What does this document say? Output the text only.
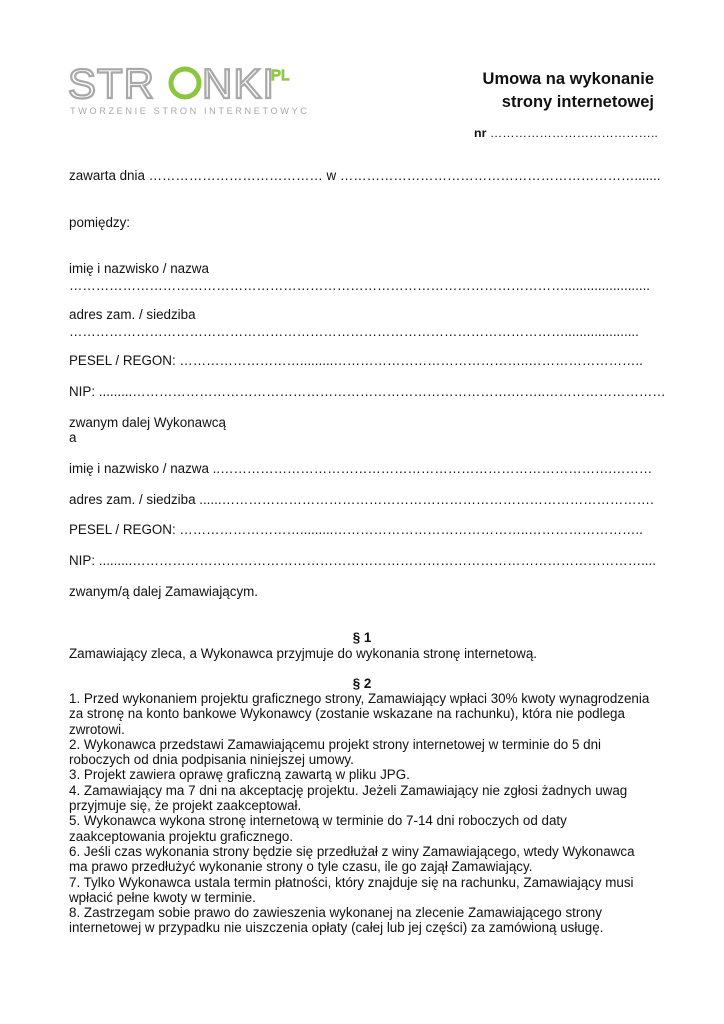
STR NKI
PL
TWORZENIE STRON INTERNETOWYCH
Umowa na wykonanie
strony internetowej
nr …………………………………..
zawarta dnia ………………………………… w ………………………………………………………….......
pomiędzy:
imię i nazwisko / nazwa
………………………………………………………………………………………………….......................
adres zam. / siedziba
…………………………………………………………………………………………………....................
PESEL / REGON: ……………………….........……………………………………..……………………..
NIP: .........………………………………………………………………………….……..………………………
zwanym dalej Wykonawcą
a
imię i nazwisko / nazwa ..…………………………………………………………………………….………
adres zam. / siedziba ......…………………………………………………………………………………….
PESEL / REGON: ……………………….........……………………………………..……………………..
NIP: .........……………………………………………………………………………………………………....
zwanym/ą dalej Zamawiającym.
§ 1
Zamawiający zleca, a Wykonawca przyjmuje do wykonania stronę internetową.
§ 2
1. Przed wykonaniem projektu graficznego strony, Zamawiający wpłaci 30% kwoty wynagrodzenia
za stronę na konto bankowe Wykonawcy (zostanie wskazane na rachunku), która nie podlega
zwrotowi.
2. Wykonawca przedstawi Zamawiającemu projekt strony internetowej w terminie do 5 dni
roboczych od dnia podpisania niniejszej umowy.
3. Projekt zawiera oprawę graficzną zawartą w pliku JPG.
4. Zamawiający ma 7 dni na akceptację projektu. Jeżeli Zamawiający nie zgłosi żadnych uwag
przyjmuje się, że projekt zaakceptował.
5. Wykonawca wykona stronę internetową w terminie do 7-14 dni roboczych od daty
zaakceptowania projektu graficznego.
6. Jeśli czas wykonania strony będzie się przedłużał z winy Zamawiającego, wtedy Wykonawca
ma prawo przedłużyć wykonanie strony o tyle czasu, ile go zajął Zamawiający.
7. Tylko Wykonawca ustala termin płatności, który znajduje się na rachunku, Zamawiający musi
wpłacić pełne kwoty w terminie.
8. Zastrzegam sobie prawo do zawieszenia wykonanej na zlecenie Zamawiającego strony
internetowej w przypadku nie uiszczenia opłaty (całej lub jej części) za zamówioną usługę.
